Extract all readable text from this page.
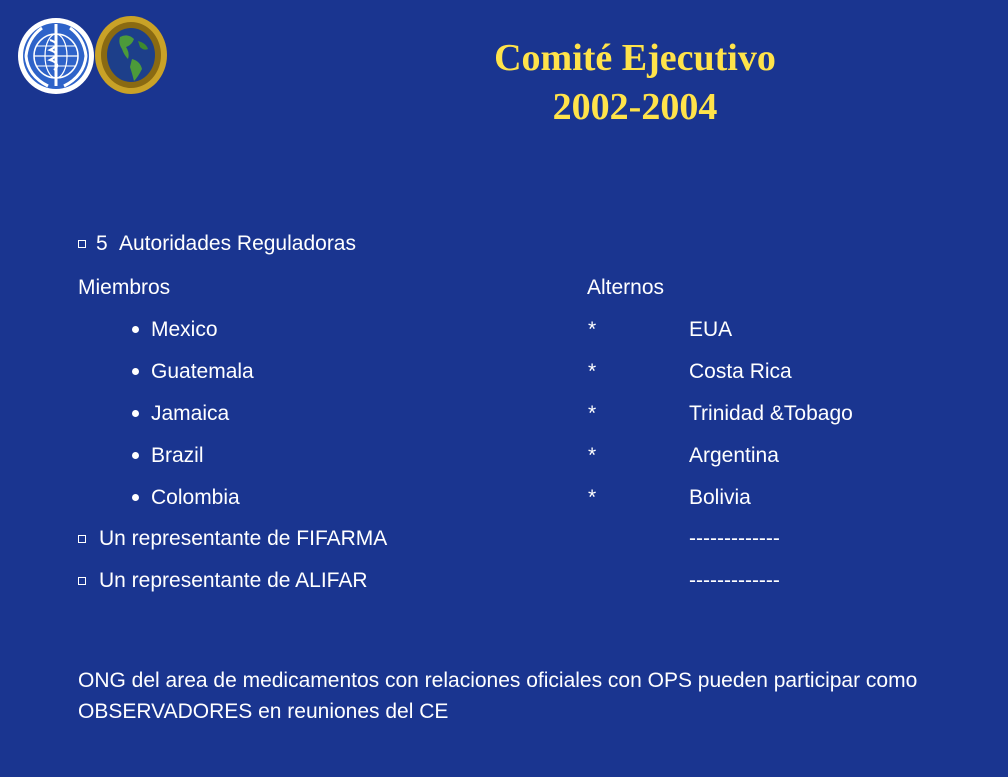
Comité Ejecutivo
2002-2004
5 Autoridades Reguladoras
Miembros	Alternos
Mexico	*	EUA
Guatemala	*	Costa Rica
Jamaica	*	Trinidad &Tobago
Brazil	*	Argentina
Colombia	*	Bolivia
Un representante de FIFARMA	-------------
Un representante de ALIFAR	-------------
ONG del area de medicamentos con relaciones oficiales con OPS pueden participar como OBSERVADORES en reuniones del CE
